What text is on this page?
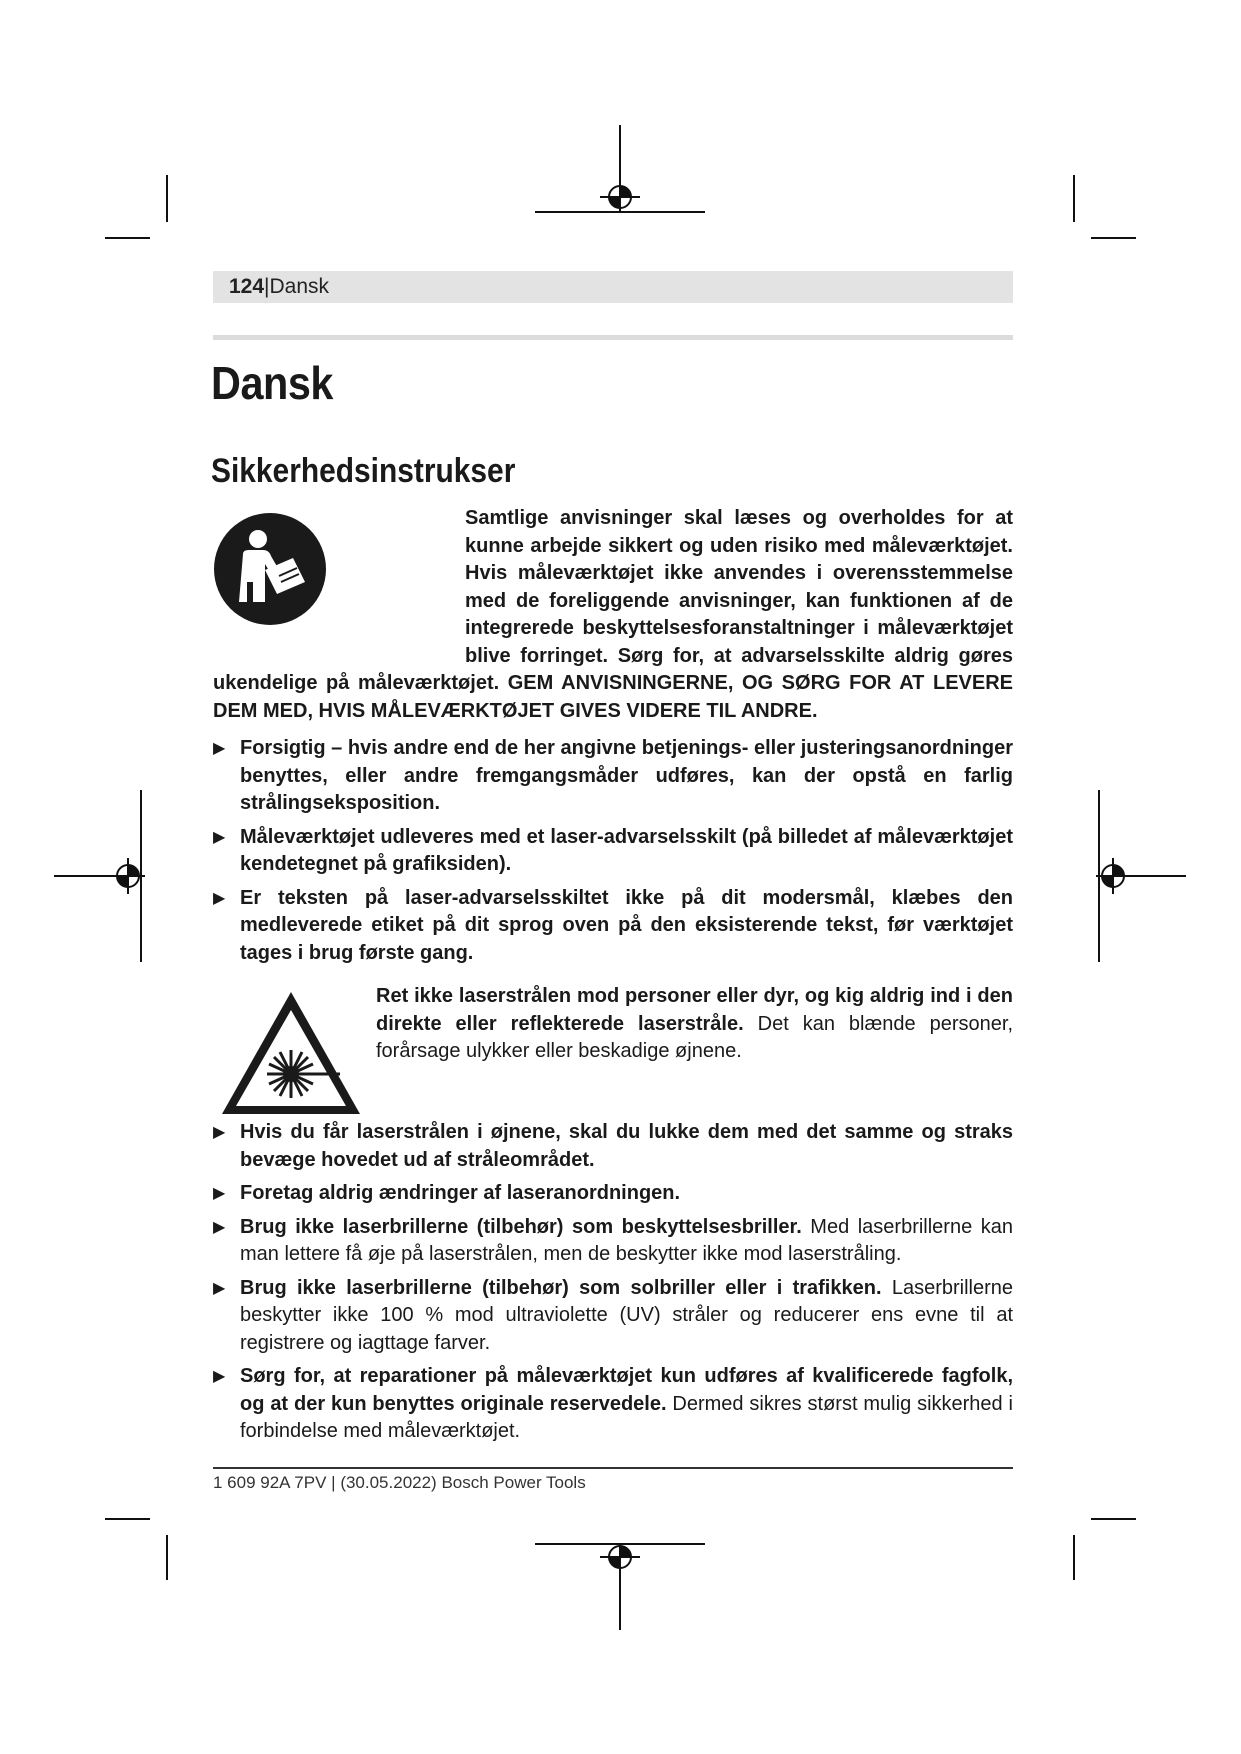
124|Dansk
Dansk
Sikkerhedsinstrukser

Samtlige anvisninger skal læses og overholdes for at kunne arbejde sikkert og uden risiko med måleværktøjet. Hvis måleværktøjet ikke anvendes i overensstemmelse med de foreliggende anvisninger, kan funktionen af de integrerede beskyttelsesforanstaltninger i måleværktøjet blive forringet. Sørg for, at advarselsskilte aldrig gøres ukendelige på måleværktøjet. GEM ANVISNINGERNE, OG SØRG FOR AT LEVERE DEM MED, HVIS MÅLEVÆRKTØJET GIVES VIDERE TIL ANDRE.

▶ Forsigtig – hvis andre end de her angivne betjenings- eller justeringsanordninger benyttes, eller andre fremgangsmåder udføres, kan der opstå en farlig strålingseksposition.
▶ Måleværktøjet udleveres med et laser-advarselsskilt (på billedet af måleværktøjet kendetegnet på grafiksiden).
▶ Er teksten på laser-advarselsskiltet ikke på dit modersmål, klæbes den medleverede etiket på dit sprog oven på den eksisterende tekst, før værktøjet tages i brug første gang.
Ret ikke laserstrålen mod personer eller dyr, og kig aldrig ind i den direkte eller reflekterede laserstråle. Det kan blænde personer, forårsage ulykker eller beskadige øjnene.
▶ Hvis du får laserstrålen i øjnene, skal du lukke dem med det samme og straks bevæge hovedet ud af stråleområdet.
▶ Foretag aldrig ændringer af laseranordningen.
▶ Brug ikke laserbrillerne (tilbehør) som beskyttelsesbriller. Med laserbrillerne kan man lettere få øje på laserstrålen, men de beskytter ikke mod laserstråling.
▶ Brug ikke laserbrillerne (tilbehør) som solbriller eller i trafikken. Laserbrillerne beskytter ikke 100 % mod ultraviolette (UV) stråler og reducerer ens evne til at registrere og iagttage farver.
▶ Sørg for, at reparationer på måleværktøjet kun udføres af kvalificerede fagfolk, og at der kun benyttes originale reservedele. Dermed sikres størst mulig sikkerhed i forbindelse med måleværktøjet.
1 609 92A 7PV | (30.05.2022) Bosch Power Tools
